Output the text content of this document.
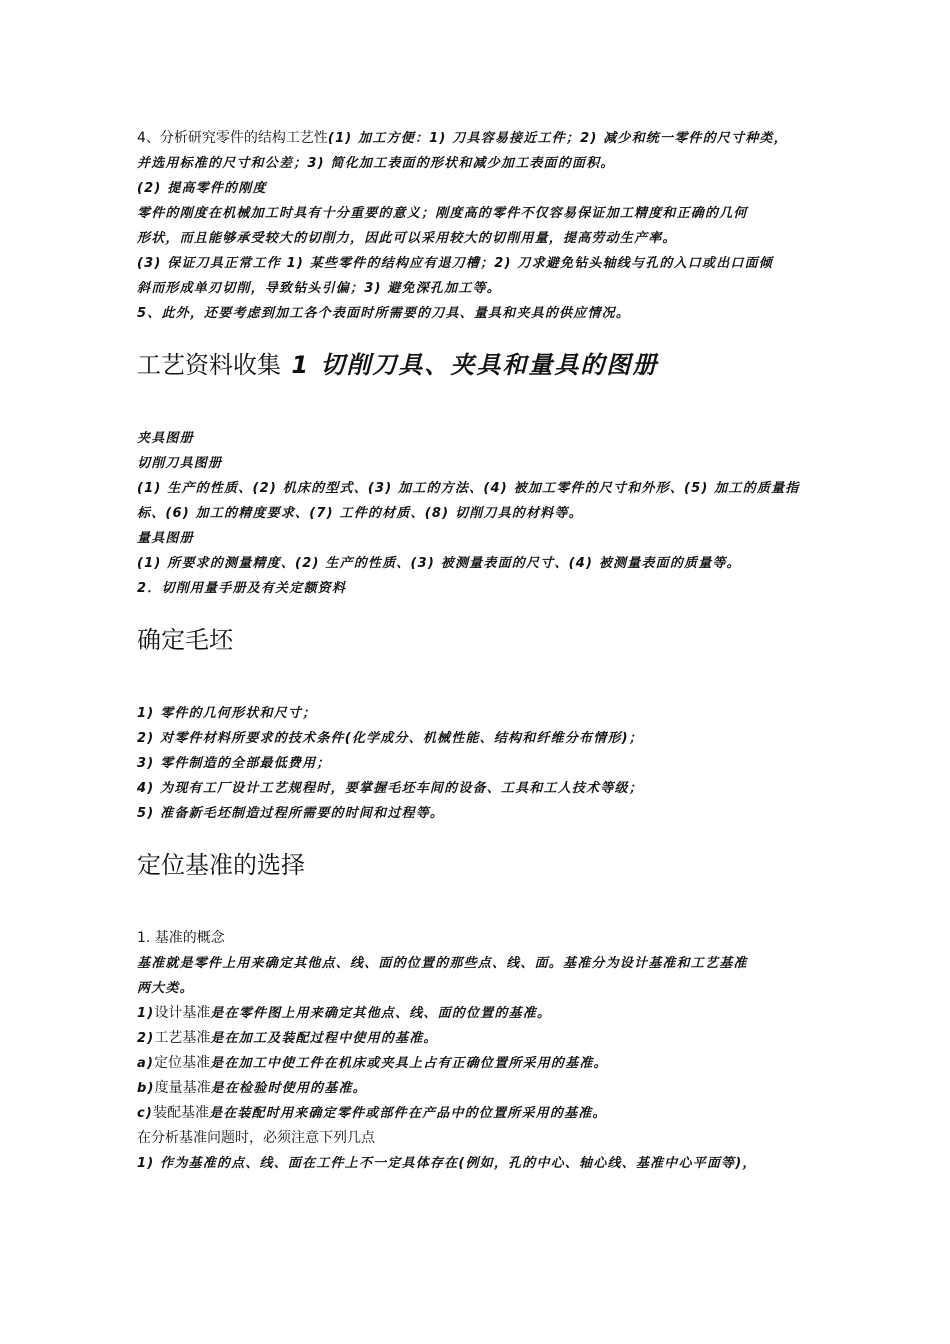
4、分析研究零件的结构工艺性(1) 加工方便：1) 刀具容易接近工件；2) 减少和统一零件的尺寸种类，
并选用标准的尺寸和公差；3) 简化加工表面的形状和减少加工表面的面积。
(2) 提高零件的刚度
零件的刚度在机械加工时具有十分重要的意义；刚度高的零件不仅容易保证加工精度和正确的几何
形状，而且能够承受较大的切削力，因此可以采用较大的切削用量，提高劳动生产率。
(3) 保证刀具正常工作 1) 某些零件的结构应有退刀槽；2) 刀求避免钻头轴线与孔的入口或出口面倾
斜而形成单刃切削，导致钻头引偏；3) 避免深孔加工等。
5、此外，还要考虑到加工各个表面时所需要的刀具、量具和夹具的供应情况。
工艺资料收集 1 切削刀具、夹具和量具的图册
夹具图册
切削刀具图册
(1) 生产的性质、(2) 机床的型式、(3) 加工的方法、(4) 被加工零件的尺寸和外形、(5) 加工的质量指
标、(6) 加工的精度要求、(7) 工件的材质、(8) 切削刀具的材料等。
量具图册
(1) 所要求的测量精度、(2) 生产的性质、(3) 被测量表面的尺寸、(4) 被测量表面的质量等。
2．切削用量手册及有关定额资料
确定毛坯
1) 零件的几何形状和尺寸；
2) 对零件材料所要求的技术条件(化学成分、机械性能、结构和纤维分布情形)；
3) 零件制造的全部最低费用；
4) 为现有工厂设计工艺规程时，要掌握毛坯车间的设备、工具和工人技术等级；
5) 准备新毛坯制造过程所需要的时间和过程等。
定位基准的选择
1. 基准的概念
基准就是零件上用来确定其他点、线、面的位置的那些点、线、面。基准分为设计基准和工艺基准
两大类。
1)设计基准是在零件图上用来确定其他点、线、面的位置的基准。
2)工艺基准是在加工及装配过程中使用的基准。
a)定位基准是在加工中使工件在机床或夹具上占有正确位置所采用的基准。
b)度量基准是在检验时使用的基准。
c)装配基准是在装配时用来确定零件或部件在产品中的位置所采用的基准。
在分析基准问题时，必须注意下列几点
1) 作为基准的点、线、面在工件上不一定具体存在(例如，孔的中心、轴心线、基准中心平面等)，
